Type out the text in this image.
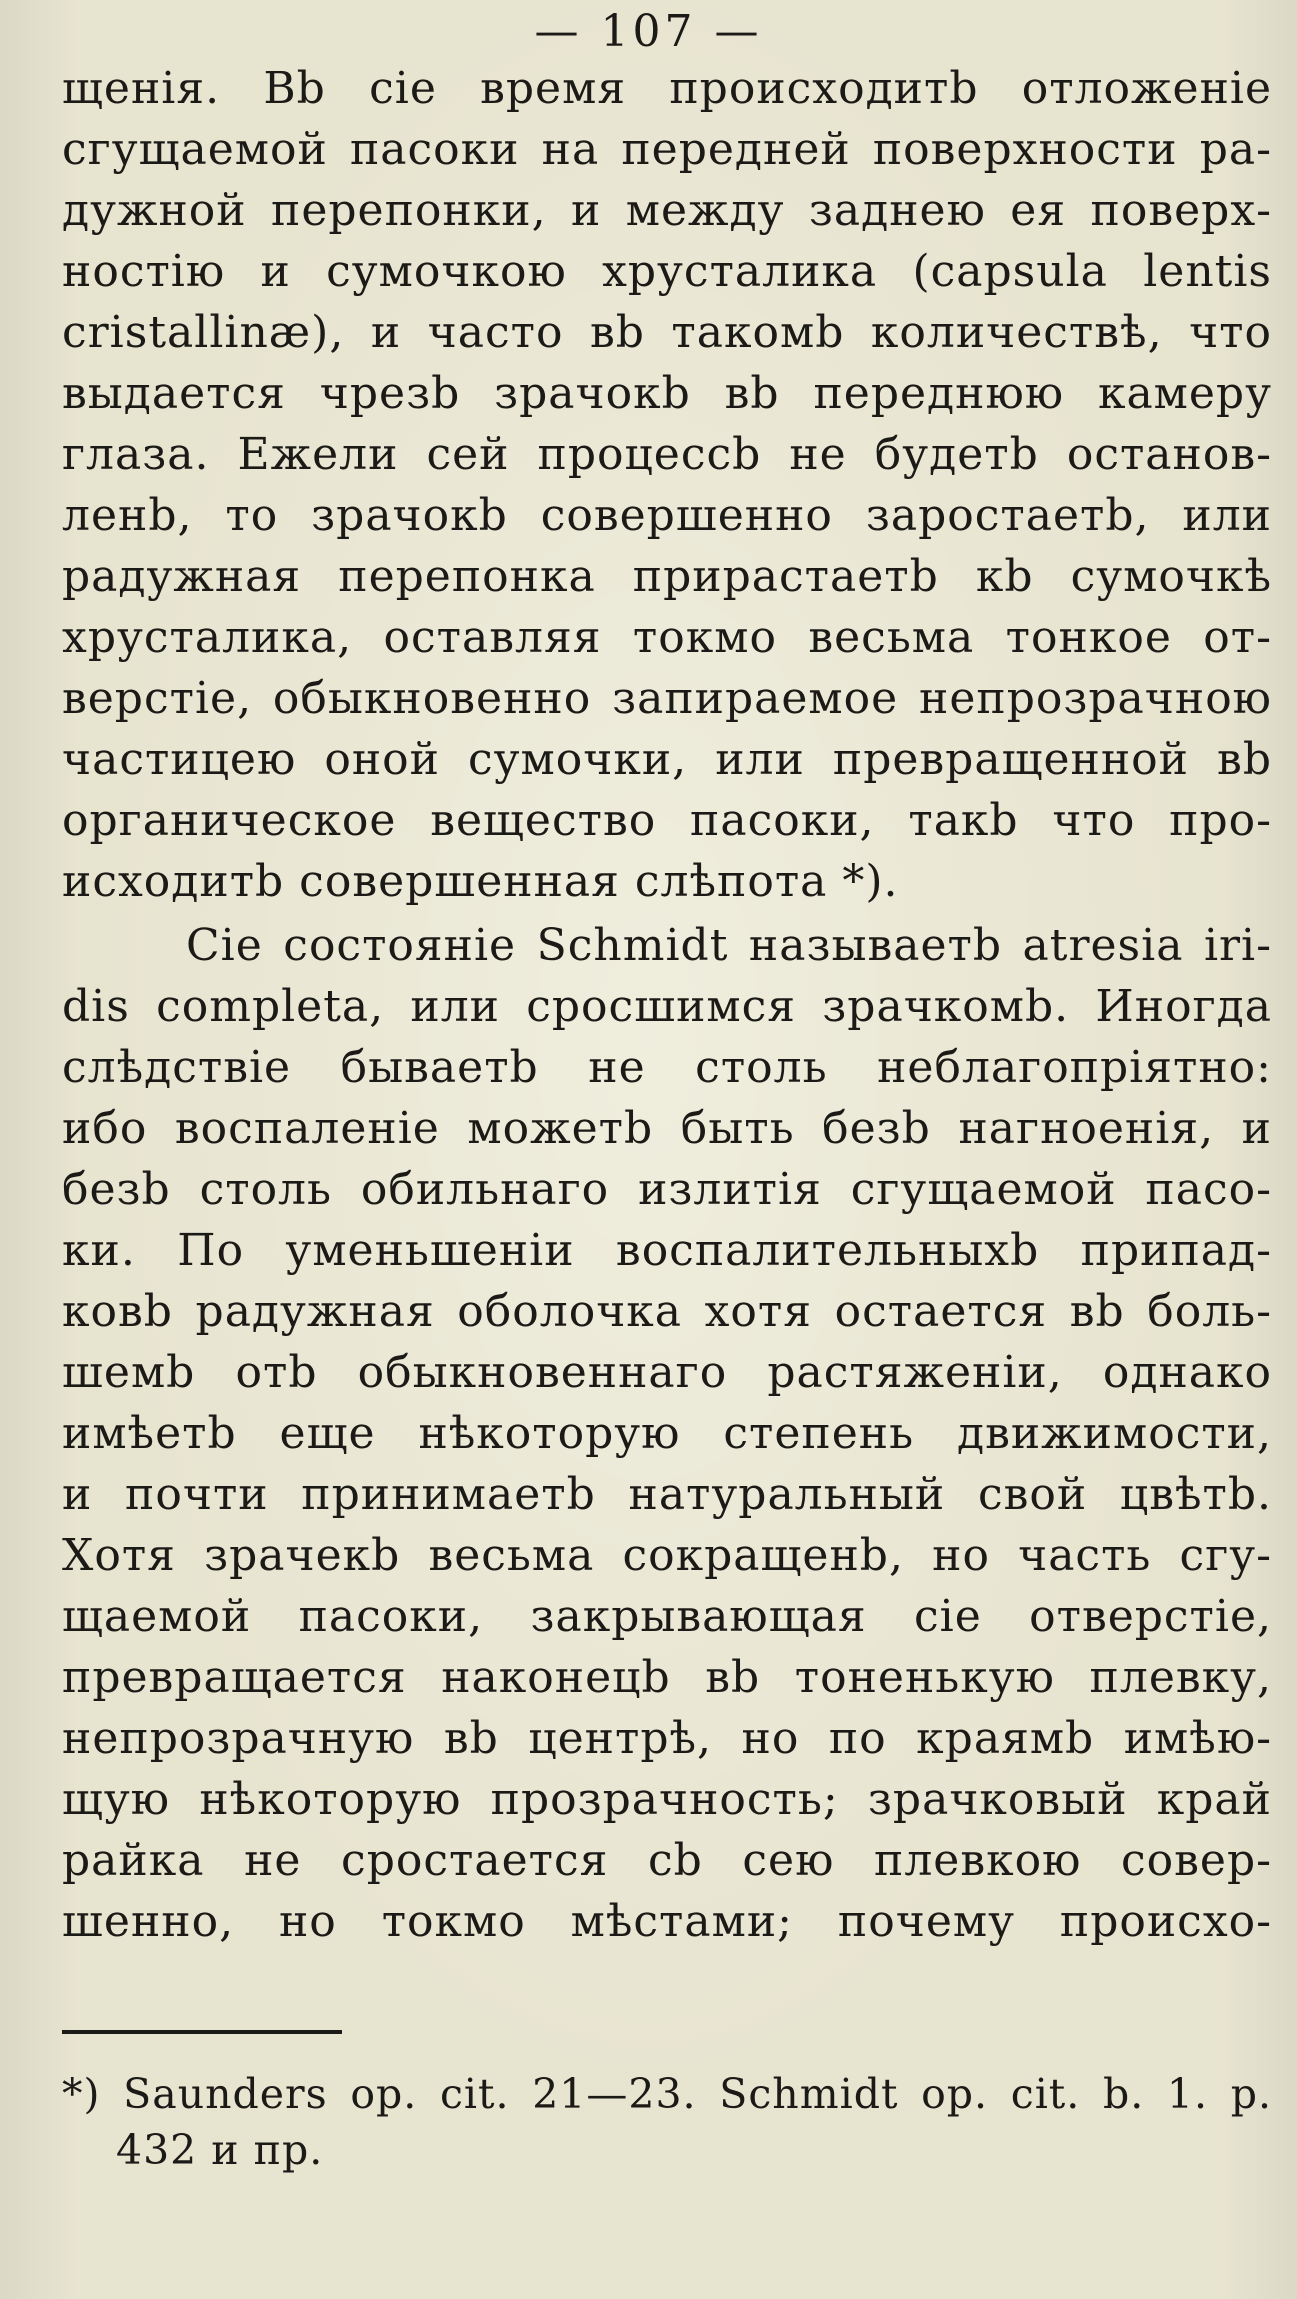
— 107 —
щенія. Вb сіе время происходитb отложеніе
сгущаемой пасоки на передней поверхности ра-
дужной перепонки, и между заднею ея поверх-
ностію и сумочкою хрусталика (capsula lentis
cristallinæ), и часто вb такомb количествѣ, что
выдается чрезb зрачокb вb переднюю камеру
глаза. Ежели сей процессb не будетb останов-
ленb, то зрачокb совершенно заростаетb, или
радужная перепонка прирастаетb кb сумочкѣ
хрусталика, оставляя токмо весьма тонкое от-
верстіе, обыкновенно запираемое непрозрачною
частицею оной сумочки, или превращенной вb
органическое вещество пасоки, такb что про-
исходитb совершенная слѣпота *).
Сіе состояніе Schmidt называетb atresia iri-
dis completa, или сросшимся зрачкомb. Иногда
слѣдствіе бываетb не столь неблагопріятно:
ибо воспаленіе можетb быть безb нагноенія, и
безb столь обильнаго излитія сгущаемой пасо-
ки. По уменьшеніи воспалительныхb припад-
ковb радужная оболочка хотя остается вb боль-
шемb отb обыкновеннаго растяженіи, однако
имѣетb еще нѣкоторую степень движимости,
и почти принимаетb натуральный свой цвѣтb.
Хотя зрачекb весьма сокращенb, но часть сгу-
щаемой пасоки, закрывающая сіе отверстіе,
превращается наконецb вb тоненькую плевку,
непрозрачную вb центрѣ, но по краямb имѣю-
щую нѣкоторую прозрачность; зрачковый край
райка не сростается сb сею плевкою совер-
шенно, но токмо мѣстами; почему происхо-
*) Saunders op. cit. 21—23. Schmidt op. cit. b. 1. p.
432 и пр.
